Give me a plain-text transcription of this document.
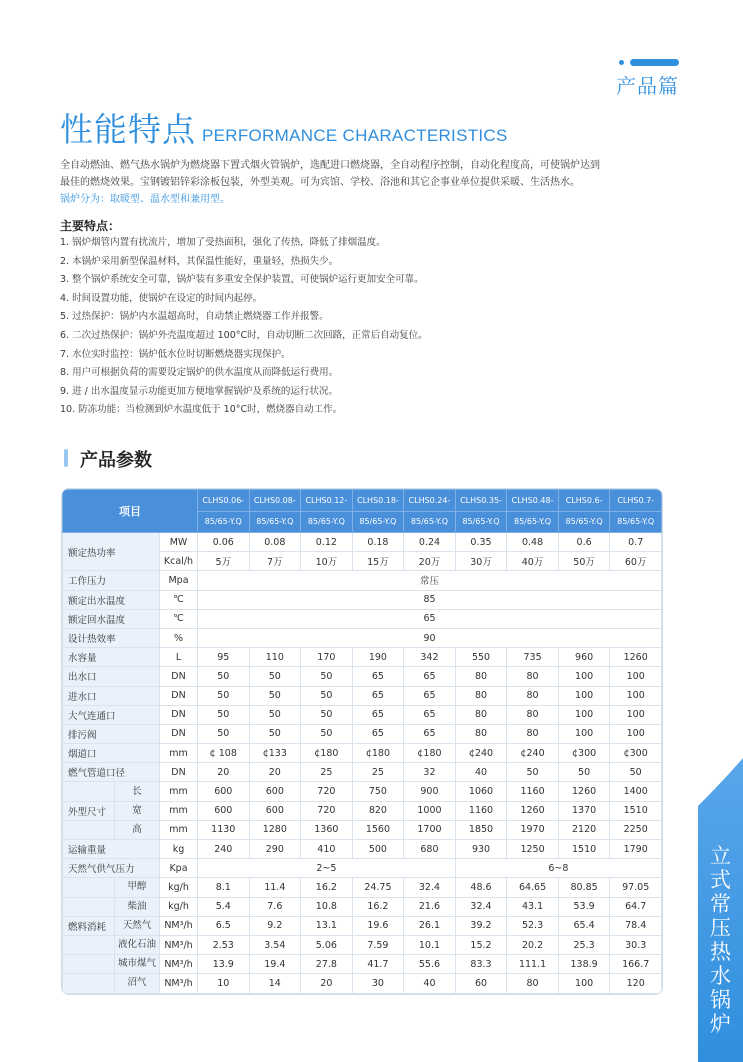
产品篇
性能特点 PERFORMANCE CHARACTERISTICS
全自动燃油、燃气热水锅炉为燃烧器下置式烟火管锅炉，选配进口燃烧器，全自动程序控制，自动化程度高，可使锅炉达到
最佳的燃烧效果。宝钢镀铝锌彩涂板包装，外型美观。可为宾馆、学校、浴池和其它企事业单位提供采暖、生活热水。
锅炉分为：取暖型、温水型和兼用型。
主要特点：
1. 锅炉烟管内置有扰流片，增加了受热面积，强化了传热，降低了排烟温度。
2. 本锅炉采用新型保温材料，其保温性能好，重量轻，热损失少。
3. 整个锅炉系统安全可靠，锅炉装有多重安全保护装置，可使锅炉运行更加安全可靠。
4. 时间设置功能，使锅炉在设定的时间内起停。
5. 过热保护：锅炉内水温超高时，自动禁止燃烧器工作并报警。
6. 二次过热保护：锅炉外壳温度超过 100°C时，自动切断二次回路，正常后自动复位。
7. 水位实时监控：锅炉低水位时切断燃烧器实现保护。
8. 用户可根据负荷的需要设定锅炉的供水温度从而降低运行费用。
9. 进 / 出水温度显示功能更加方便地掌握锅炉及系统的运行状况。
10. 防冻功能：当检测到炉水温度低于 10°C时，燃烧器自动工作。
产品参数
项目		CLHS0.06-	CLHS0.08-	CLHS0.12-	CLHS0.18-	CLHS0.24-	CLHS0.35-	CLHS0.48-	CLHS0.6-	CLHS0.7-
		85/65-Y.Q	85/65-Y.Q	85/65-Y.Q	85/65-Y.Q	85/65-Y.Q	85/65-Y.Q	85/65-Y.Q	85/65-Y.Q	85/65-Y.Q
额定热功率	MW	0.06	0.08	0.12	0.18	0.24	0.35	0.48	0.6	0.7
	Kcal/h	5万	7万	10万	15万	20万	30万	40万	50万	60万
工作压力	Mpa	常压								
额定出水温度	℃	85								
额定回水温度	℃	65								
设计热效率	%	90								
水容量	L	95	110	170	190	342	550	735	960	1260
出水口	DN	50	50	50	65	65	80	80	100	100
进水口	DN	50	50	50	65	65	80	80	100	100
大气连通口	DN	50	50	50	65	65	80	80	100	100
排污阀	DN	50	50	50	65	65	80	80	100	100
烟道口	mm	¢ 108	¢133	¢180	¢180	¢180	¢240	¢240	¢300	¢300
燃气管道口径	DN	20	20	25	25	32	40	50	50	50

长	mm	600	600	720	750	900	1060	1160	1260	1400

外型尺寸 宽	mm	600	600	720	820	1000	1160	1260	1370	1510

高	mm	1130	1280	1360	1560	1700	1850	1970	2120	2250
运输重量	kg	240	290	410	500	680	930	1250	1510	1790
天然气供气压力	Kpa	2~5					6~8			

甲醇	kg/h	8.1	11.4	16.2	24.75	32.4	48.6	64.65	80.85	97.05

柴油	kg/h	5.4	7.6	10.8	16.2	21.6	32.4	43.1	53.9	64.7

燃料消耗 天然气	NM³/h	6.5	9.2	13.1	19.6	26.1	39.2	52.3	65.4	78.4

液化石油	NM³/h	2.53	3.54	5.06	7.59	10.1	15.2	20.2	25.3	30.3

城市煤气	NM³/h	13.9	19.4	27.8	41.7	55.6	83.3	111.1	138.9	166.7

沼气	NM³/h	10	14	20	30	40	60	80	100	120
立
式
常
压
热
水
锅
炉
